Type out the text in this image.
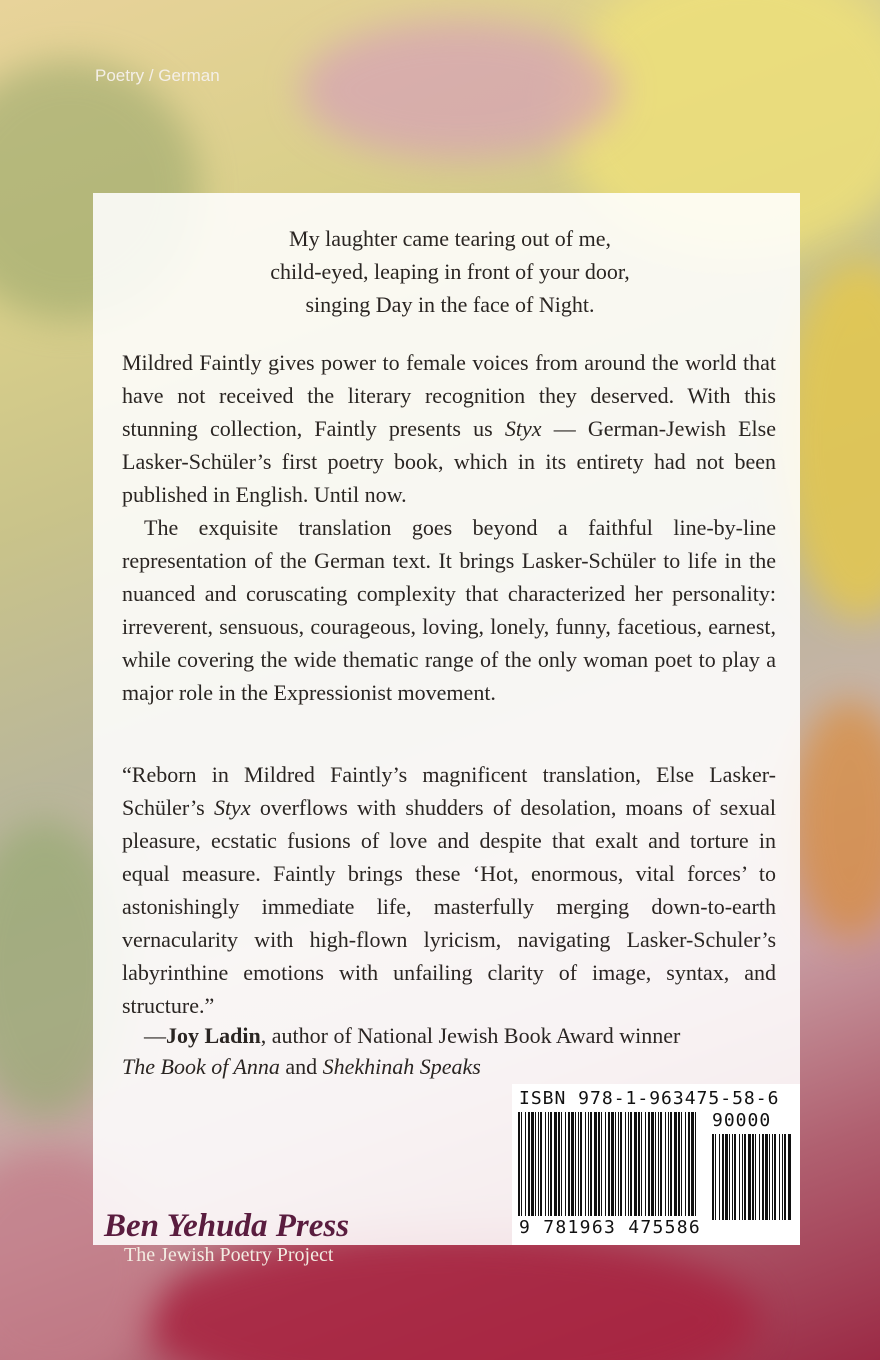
Poetry / German
My laughter came tearing out of me,
child-eyed, leaping in front of your door,
singing Day in the face of Night.

Mildred Faintly gives power to female voices from around the world that have not received the literary recognition they deserved. With this stunning collection, Faintly presents us Styx — German-Jewish Else Lasker-Schüler’s first poetry book, which in its entirety had not been published in English. Until now.

The exquisite translation goes beyond a faithful line-by-line representation of the German text. It brings Lasker-Schüler to life in the nuanced and coruscating complexity that characterized her personality: irreverent, sensuous, courageous, loving, lonely, funny, facetious, earnest, while covering the wide thematic range of the only woman poet to play a major role in the Expressionist movement.

“Reborn in Mildred Faintly’s magnificent translation, Else Lasker-Schüler’s Styx overflows with shudders of desolation, moans of sexual pleasure, ecstatic fusions of love and despite that exalt and torture in equal measure. Faintly brings these ‘Hot, enormous, vital forces’ to astonishingly immediate life, masterfully merging down-to-earth vernacularity with high-flown lyricism, navigating Lasker-Schuler’s labyrinthine emotions with unfailing clarity of image, syntax, and structure.”

—Joy Ladin, author of National Jewish Book Award winner
The Book of Anna and Shekhinah Speaks
ISBN 978-1-963475-58-6
90000
9 781963 475586
Ben Yehuda Press
The Jewish Poetry Project
